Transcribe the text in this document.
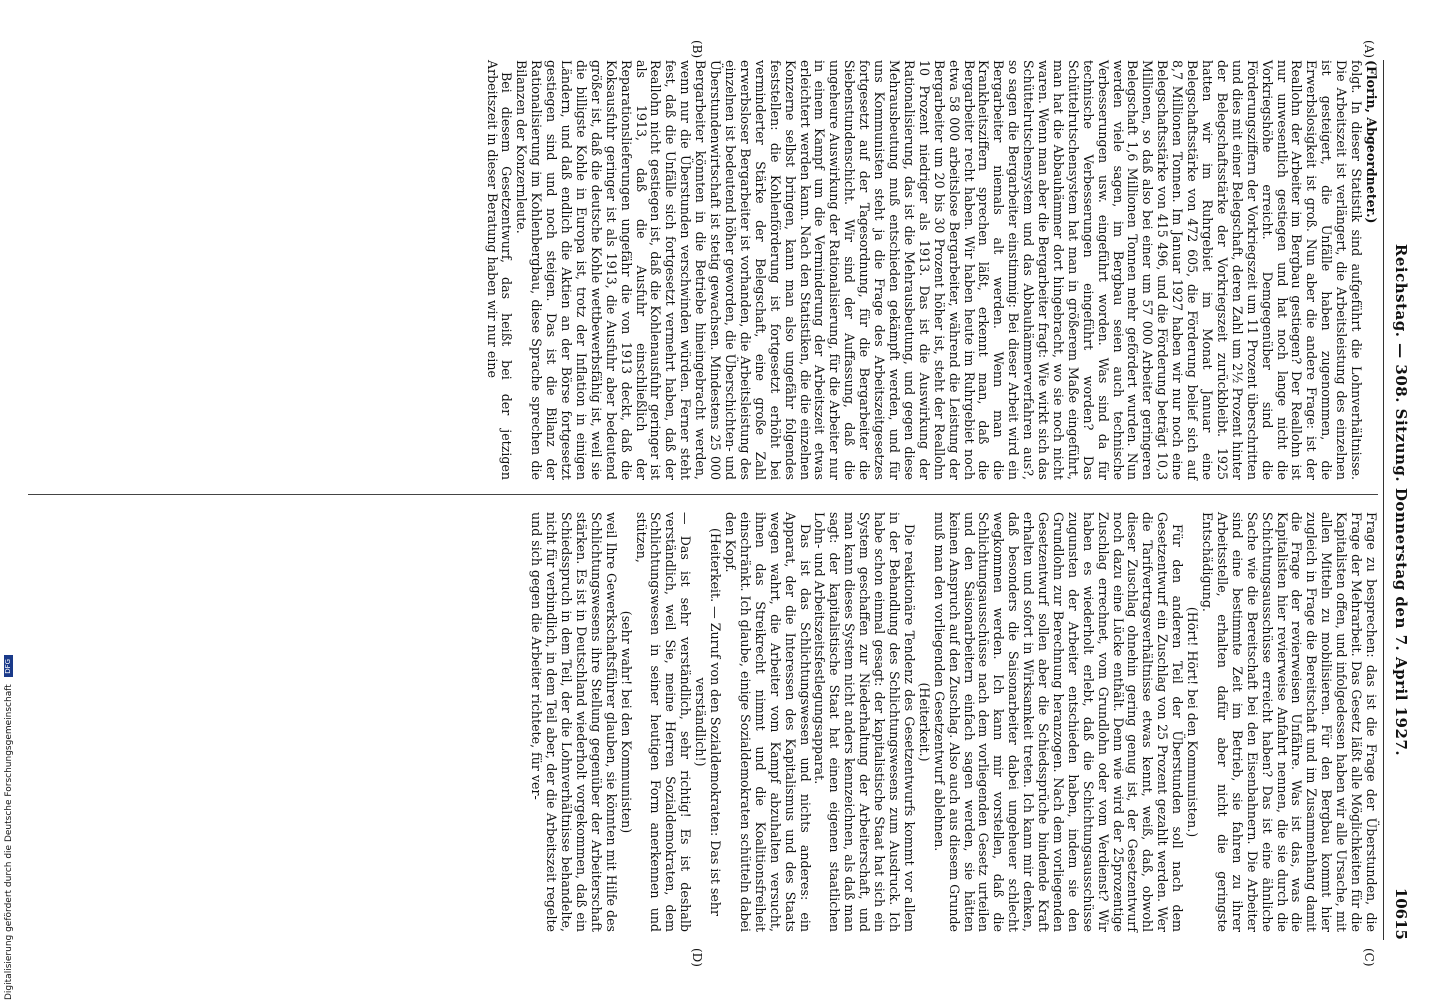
Reichstag. — 308. Sitzung. Donnerstag den 7. April 1927.
10615
(A)
(B)
(C)
(D)

(Florin, Abgeordneter.)

folgt. In dieser Statistik sind aufgeführt die Lohnverhältnisse. Die Arbeitszeit ist verlängert, die Arbeitsleistung des einzelnen ist gesteigert, die Unfälle haben zugenommen, die Erwerbslosigkeit ist groß. Nun aber die andere Frage: ist der Reallohn der Arbeiter im Bergbau gestiegen? Der Reallohn ist nur unwesentlich gestiegen und hat noch lange nicht die Vorkriegshöhe erreicht. Demgegenüber sind die Förderungsziffern der Vorkriegszeit um 11 Prozent überschritten und dies mit einer Belegschaft, deren Zahl um 2½ Prozent hinter der Belegschaftsstärke der Vorkriegszeit zurückbleibt. 1925 hatten wir im Ruhrgebiet im Monat Januar eine Belegschaftsstärke von 472 605, die Förderung belief sich auf 8,7 Millionen Tonnen. Im Januar 1927 haben wir nur noch eine Belegschaftsstärke von 415 496, und die Förderung beträgt 10,3 Millionen, so daß also bei einer um 57 000 Arbeiter geringeren Belegschaft 1,6 Millionen Tonnen mehr gefördert wurden. Nun werden viele sagen, im Bergbau seien auch technische Verbesserungen usw. eingeführt worden. Was sind da für technische Verbesserungen eingeführt worden? Das Schüttelrutschensystem hat man in größerem Maße eingeführt, man hat die Abbauhämmer dort hingebracht, wo sie noch nicht waren. Wenn man aber die Bergarbeiter fragt: Wie wirkt sich das Schüttelrutschensystem und das Abbauhämmerverfahren aus?, so sagen die Bergarbeiter einstimmig: Bei dieser Arbeit wird ein Bergarbeiter niemals alt werden. Wenn man die Krankheitsziffern sprechen läßt, erkennt man, daß die Bergarbeiter recht haben. Wir haben heute im Ruhrgebiet noch etwa 58 000 arbeitslose Bergarbeiter, während die Leistung der Bergarbeiter um 20 bis 30 Prozent höher ist, steht der Reallohn 10 Prozent niedriger als 1913. Das ist die Auswirkung der Rationalisierung, das ist die Mehrausbeutung, und gegen diese Mehrausbeutung muß entschieden gekämpft werden, und für uns Kommunisten steht ja die Frage des Arbeitszeitgesetzes fortgesetzt auf der Tagesordnung, für die Bergarbeiter die Siebenstundenschicht. Wir sind der Auffassung, daß die ungeheure Auswirkung der Rationalisierung, für die Arbeiter nur in einem Kampf um die Verminderung der Arbeitszeit etwas erleichtert werden kann. Nach den Statistiken, die die einzelnen Konzerne selbst bringen, kann man also ungefähr folgendes feststellen: die Kohlenförderung ist fortgesetzt erhöht bei verminderter Stärke der Belegschaft, eine große Zahl erwerbsloser Bergarbeiter ist vorhanden, die Arbeitsleistung des einzelnen ist bedeutend höher geworden, die Überschichten- und Überstundenwirtschaft ist stetig gewachsen. Mindestens 25 000 Bergarbeiter könnten in die Betriebe hineingebracht werden, wenn nur die Überstunden verschwinden würden. Ferner steht fest, daß die Unfälle sich fortgesetzt vermehrt haben, daß der Reallohn nicht gestiegen ist, daß die Kohlenausfuhr geringer ist als 1913, daß die Ausfuhr einschließlich der Reparationslieferungen ungefähr die von 1913 deckt, daß die Koksausfuhr geringer ist als 1913, die Ausfuhr aber bedeutend größer ist, daß die deutsche Kohle wettbewerbsfähig ist, weil sie die billigste Kohle in Europa ist, trotz der Inflation in einigen Ländern, und daß endlich die Aktien an der Börse fortgesetzt gestiegen sind und noch steigen. Das ist die Bilanz der Rationalisierung im Kohlenbergbau, diese Sprache sprechen die Bilanzen der Konzernleute.

Bei diesem Gesetzentwurf, das heißt bei der jetzigen Arbeitszeit in dieser Beratung haben wir nur eine

Frage zu besprechen: das ist die Frage der Überstunden, die Frage der Mehrarbeit. Das Gesetz läßt alle Möglichkeiten für die Kapitalisten offen, und infolgedessen haben wir alle Ursache, mit allen Mitteln zu mobilisieren. Für den Bergbau kommt hier zugleich in Frage die Bereitschaft und im Zusammenhang damit die Frage der revierweisen Unfähre. Was ist das, was die Kapitalisten hier revierweise Anfahrt nennen, die sie durch die Schichtungsausschüsse erreicht haben? Das ist eine ähnliche Sache wie die Bereitschaft bei den Eisenbahnern. Die Arbeiter sind eine bestimmte Zeit im Betrieb, sie fahren zu ihrer Arbeitsstelle, erhalten dafür aber nicht die geringste Entschädigung.

(Hört! Hört! bei den Kommunisten.)

Für den anderen Teil der Überstunden soll nach dem Gesetzentwurf ein Zuschlag von 25 Prozent gezahlt werden. Wer die Tarifvertragsverhältnisse etwas kennt, weiß, daß, obwohl dieser Zuschlag ohnehin gering genug ist, der Gesetzentwurf noch dazu eine Lücke enthält. Denn wie wird der 25prozentige Zuschlag errechnet, vom Grundlohn oder vom Verdienst? Wir haben es wiederholt erlebt, daß die Schichtungsausschüsse zugunsten der Arbeiter entschieden haben, indem sie den Grundlohn zur Berechnung heranzogen. Nach dem vorliegenden Gesetzentwurf sollen aber die Schiedssprüche bindende Kraft erhalten und sofort in Wirksamkeit treten. Ich kann mir denken, daß besonders die Saisonarbeiter dabei ungeheuer schlecht wegkommen werden. Ich kann mir vorstellen, daß die Schlichtungsausschüsse nach dem vorliegenden Gesetz urteilen und den Saisonarbeitern einfach sagen werden, sie hätten keinen Anspruch auf den Zuschlag. Also auch aus diesem Grunde muß man den vorliegenden Gesetzentwurf ablehnen.

(Heiterkeit.)

Die reaktionäre Tendenz des Gesetzentwurfs kommt vor allem in der Behandlung des Schlichtungswesens zum Ausdruck. Ich habe schon einmal gesagt: der kapitalistische Staat hat sich ein System geschaffen zur Niederhaltung der Arbeiterschaft, und man kann dieses System nicht anders kennzeichnen, als daß man sagt: der kapitalistische Staat hat einen eigenen staatlichen Lohn- und Arbeitszeitsfestlegungsapparat.

Das ist das Schlichtungswesen und nichts anderes: ein Apparat, der die Interessen des Kapitalismus und des Staats wegen wahrt, die Arbeiter vom Kampf abzuhalten versucht, ihnen das Streikrecht nimmt und die Koalitionsfreiheit einschränkt. Ich glaube, einige Sozialdemokraten schütteln dabei den Kopf.

(Heiterkeit. — Zuruf von den Sozialdemokraten: Das ist sehr verständlich!)

— Das ist sehr verständlich, sehr richtig! Es ist deshalb verständlich, weil Sie, meine Herren Sozialdemokraten, dem Schlichtungswesen in seiner heutigen Form anerkennen und stützen,

(sehr wahr! bei den Kommunisten)

weil Ihre Gewerkschaftsführer glauben, sie könnten mit Hilfe des Schlichtungswesens ihre Stellung gegenüber der Arbeiterschaft stärken. Es ist in Deutschland wiederholt vorgekommen, daß ein Schiedsspruch in dem Teil, der die Lohnverhältnisse behandelte, nicht für verbindlich, in dem Teil aber, der die Arbeitszeit regelte und sich gegen die Arbeiter richtete, für ver-

Digitalisierung gefördert durch die Deutsche Forschungsgemeinschaft DFG
